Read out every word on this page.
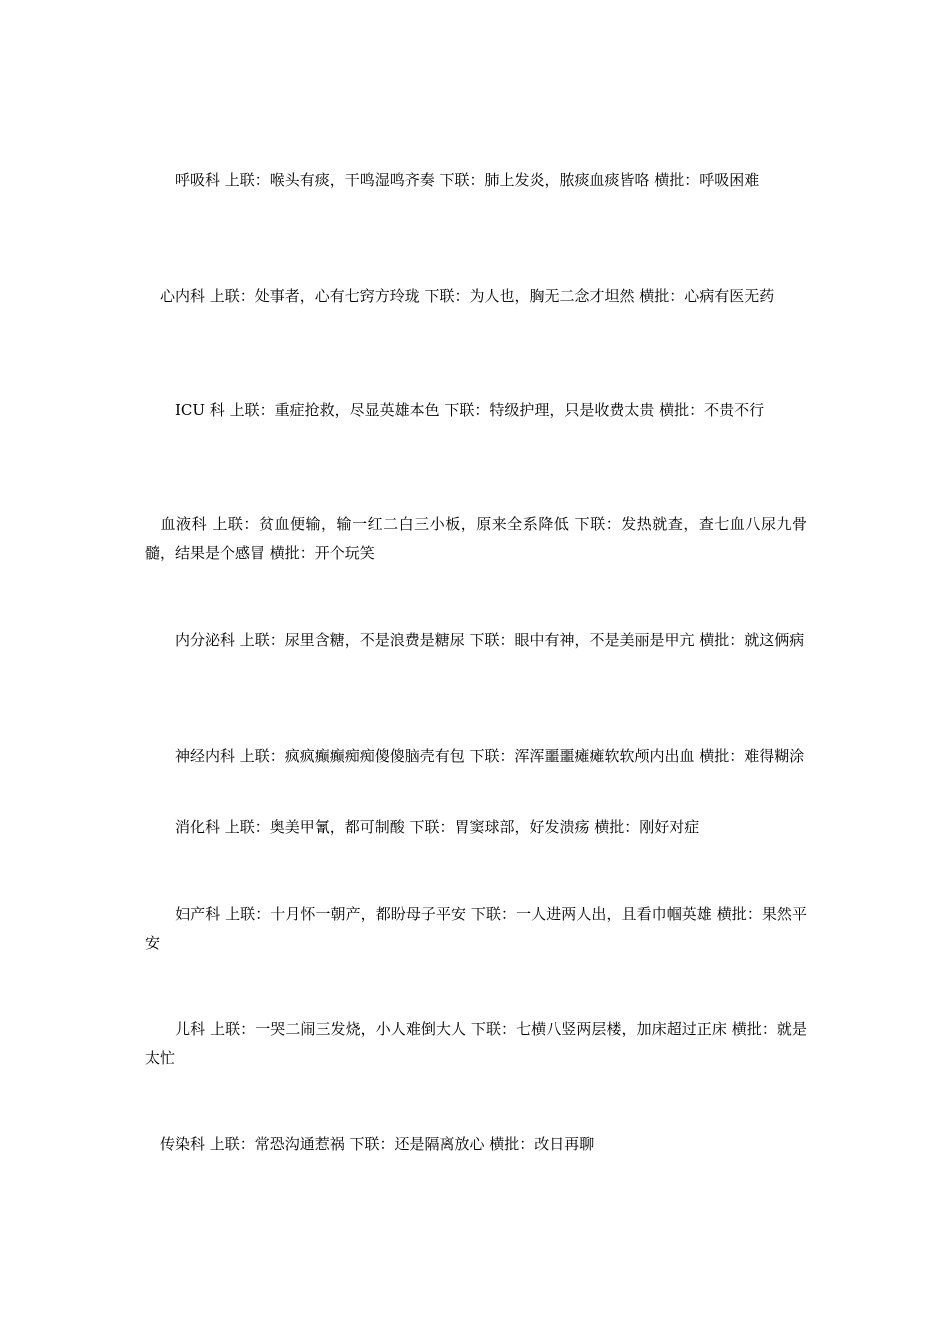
　　呼吸科 上联：喉头有痰，干鸣湿鸣齐奏 下联：肺上发炎，脓痰血痰皆咯 横批：呼吸困难

　心内科 上联：处事者，心有七窍方玲珑 下联：为人也，胸无二念才坦然 横批：心病有医无药

　　ICU 科 上联：重症抢救，尽显英雄本色 下联：特级护理，只是收费太贵 横批：不贵不行

　血液科 上联：贫血便输，输一红二白三小板，原来全系降低 下联：发热就查，查七血八尿九骨髓，结果是个感冒 横批：开个玩笑

　　内分泌科 上联：尿里含糖，不是浪费是糖尿 下联：眼中有神，不是美丽是甲亢 横批：就这俩病

　　神经内科 上联：疯疯癫癫痴痴傻傻脑壳有包 下联：浑浑噩噩瘫瘫软软颅内出血 横批：难得糊涂

　　消化科 上联：奥美甲氰，都可制酸 下联：胃窦球部，好发溃疡 横批：刚好对症

　　妇产科 上联：十月怀一朝产，都盼母子平安 下联：一人进两人出，且看巾帼英雄 横批：果然平安

　　儿科 上联：一哭二闹三发烧，小人难倒大人 下联：七横八竖两层楼，加床超过正床 横批：就是太忙

　传染科 上联：常恐沟通惹祸 下联：还是隔离放心 横批：改日再聊
